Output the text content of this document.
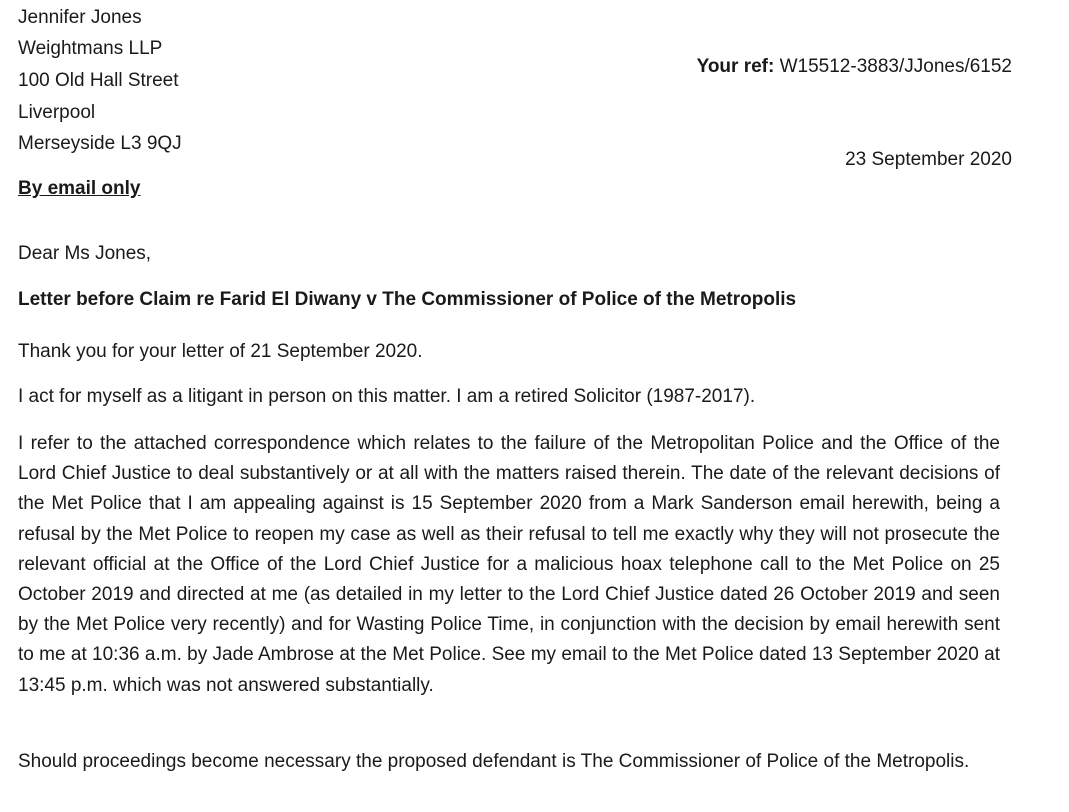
Jennifer Jones
Weightmans LLP
100 Old Hall Street
Liverpool
Merseyside L3 9QJ
Your ref: W15512-3883/JJones/6152
23 September 2020
By email only
Dear Ms Jones,
Letter before Claim re Farid El Diwany v The Commissioner of Police of the Metropolis

Thank you for your letter of 21 September 2020.

I act for myself as a litigant in person on this matter. I am a retired Solicitor (1987-2017).

I refer to the attached correspondence which relates to the failure of the Metropolitan Police and the Office of the Lord Chief Justice to deal substantively or at all with the matters raised therein. The date of the relevant decisions of the Met Police that I am appealing against is 15 September 2020 from a Mark Sanderson email herewith, being a refusal by the Met Police to reopen my case as well as their refusal to tell me exactly why they will not prosecute the relevant official at the Office of the Lord Chief Justice for a malicious hoax telephone call to the Met Police on 25 October 2019 and directed at me (as detailed in my letter to the Lord Chief Justice dated 26 October 2019 and seen by the Met Police very recently) and for Wasting Police Time, in conjunction with the decision by email herewith sent to me at 10:36 a.m. by Jade Ambrose at the Met Police. See my email to the Met Police dated 13 September 2020 at 13:45 p.m. which was not answered substantially.

Should proceedings become necessary the proposed defendant is The Commissioner of Police of the Metropolis.
